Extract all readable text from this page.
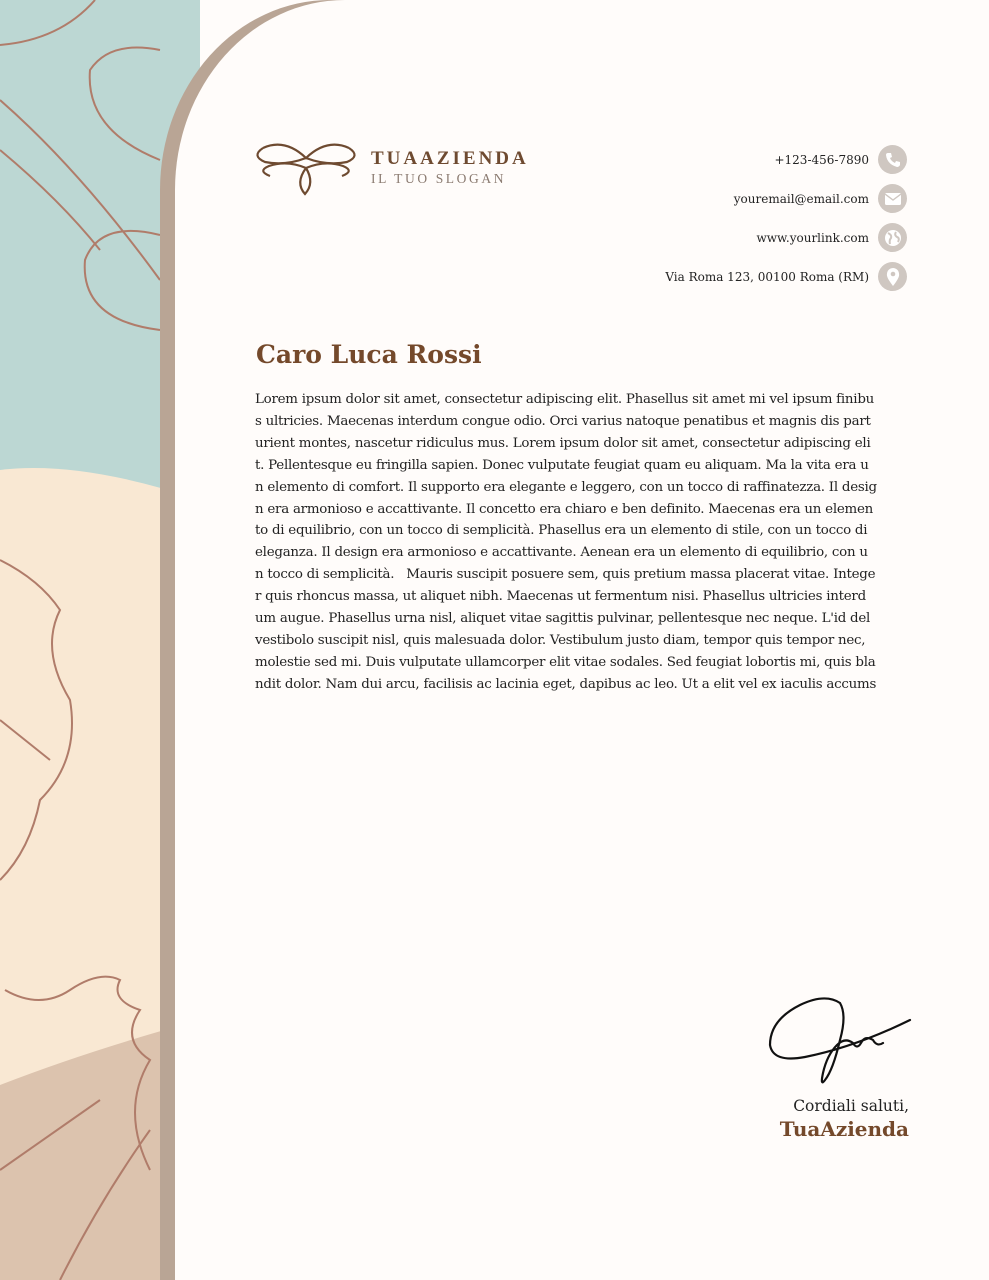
TUAAZIENDA
IL TUO SLOGAN
+123-456-7890
youremail@email.com
www.yourlink.com
Via Roma 123, 00100 Roma (RM)
Caro Luca Rossi
Lorem ipsum dolor sit amet, consectetur adipiscing elit. Phasellus sit amet mi vel ipsum finibu
s ultricies. Maecenas interdum congue odio. Orci varius natoque penatibus et magnis dis part
urient montes, nascetur ridiculus mus. Lorem ipsum dolor sit amet, consectetur adipiscing eli
t. Pellentesque eu fringilla sapien. Donec vulputate feugiat quam eu aliquam. Ma la vita era u
n elemento di comfort. Il supporto era elegante e leggero, con un tocco di raffinatezza. Il desig
n era armonioso e accattivante. Il concetto era chiaro e ben definito. Maecenas era un elemen
to di equilibrio, con un tocco di semplicità. Phasellus era un elemento di stile, con un tocco di
eleganza. Il design era armonioso e accattivante. Aenean era un elemento di equilibrio, con u
n tocco di semplicità.   Mauris suscipit posuere sem, quis pretium massa placerat vitae. Intege
r quis rhoncus massa, ut aliquet nibh. Maecenas ut fermentum nisi. Phasellus ultricies interd
um augue. Phasellus urna nisl, aliquet vitae sagittis pulvinar, pellentesque nec neque. L'id del
vestibolo suscipit nisl, quis malesuada dolor. Vestibulum justo diam, tempor quis tempor nec,
molestie sed mi. Duis vulputate ullamcorper elit vitae sodales. Sed feugiat lobortis mi, quis bla
ndit dolor. Nam dui arcu, facilisis ac lacinia eget, dapibus ac leo. Ut a elit vel ex iaculis accums
Cordiali saluti,
TuaAzienda
